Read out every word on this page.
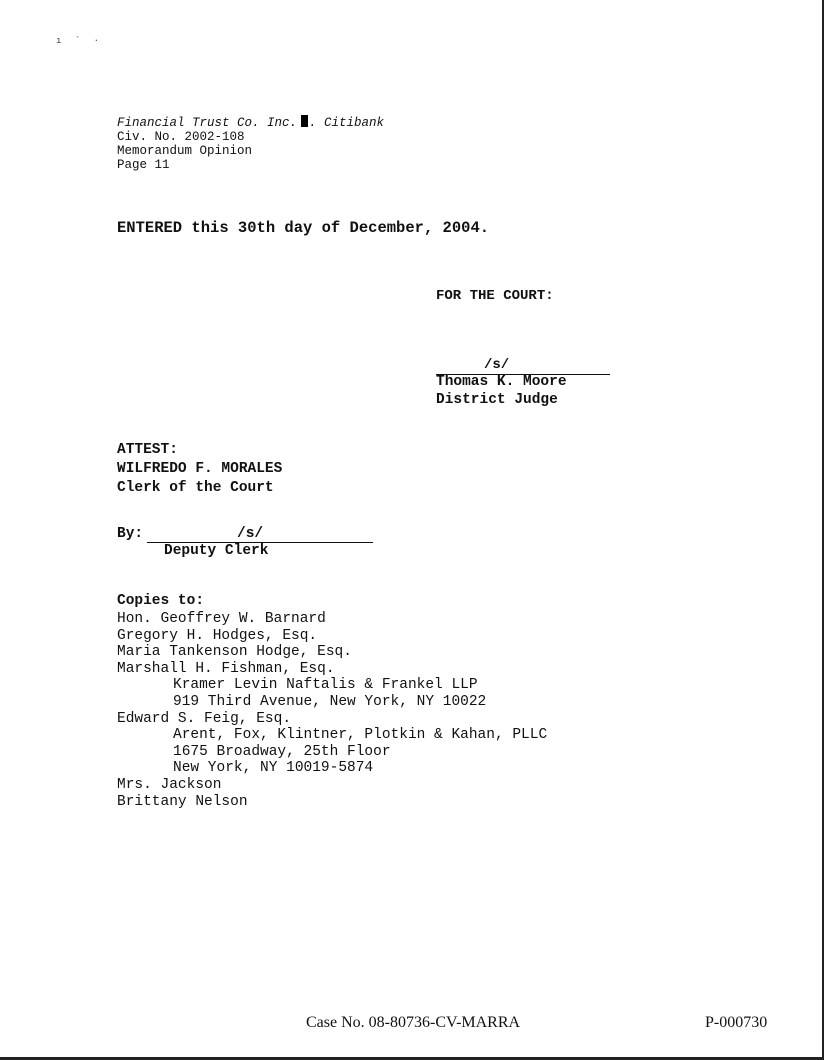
ı ` ·
Financial Trust Co. Inc. . Citibank
Civ. No. 2002-108
Memorandum Opinion
Page 11
ENTERED this 30th day of December, 2004.
FOR THE COURT:
/s/
Thomas K. Moore
District Judge
ATTEST:
WILFREDO F. MORALES
Clerk of the Court
By:	/s/
Deputy Clerk
Copies to:
Hon. Geoffrey W. Barnard
Gregory H. Hodges, Esq.
Maria Tankenson Hodge, Esq.
Marshall H. Fishman, Esq.
Kramer Levin Naftalis & Frankel LLP
919 Third Avenue, New York, NY 10022
Edward S. Feig, Esq.
Arent, Fox, Klintner, Plotkin & Kahan, PLLC
1675 Broadway, 25th Floor
New York, NY 10019-5874
Mrs. Jackson
Brittany Nelson
Case No. 08-80736-CV-MARRA	P-000730
